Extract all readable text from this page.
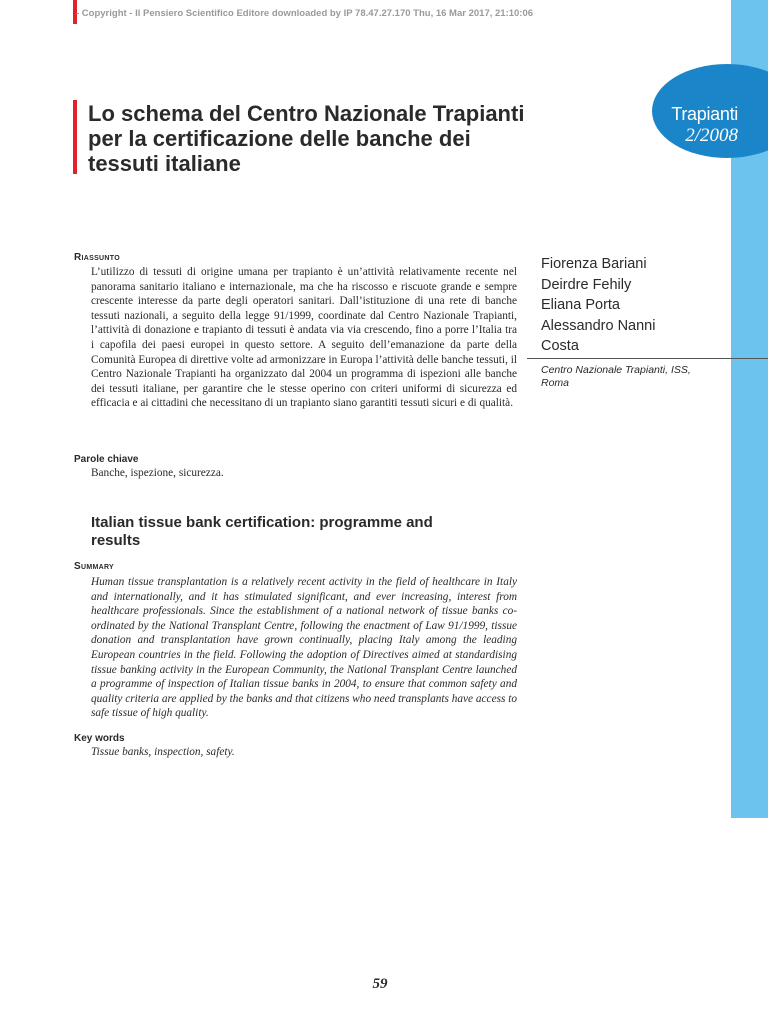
- Copyright - Il Pensiero Scientifico Editore downloaded by IP 78.47.27.170 Thu, 16 Mar 2017, 21:10:06
Trapianti
2/2008
Lo schema del Centro Nazionale Trapianti per la certificazione delle banche dei tessuti italiane
Riassunto

L’utilizzo di tessuti di origine umana per trapianto è un’attività relativamente recente nel panorama sanitario italiano e internazionale, ma che ha riscosso e riscuote grande e sempre crescente interesse da parte degli operatori sanitari. Dall’istituzione di una rete di banche tessuti nazionali, a seguito della legge 91/1999, coordinate dal Centro Nazionale Trapianti, l’attività di donazione e trapianto di tessuti è andata via via crescendo, fino a porre l’Italia tra i capofila dei paesi europei in questo settore. A seguito dell’emanazione da parte della Comunità Europea di direttive volte ad armonizzare in Europa l’attività delle banche tessuti, il Centro Nazionale Trapianti ha organizzato dal 2004 un programma di ispezioni alle banche dei tessuti italiane, per garantire che le stesse operino con criteri uniformi di sicurezza ed efficacia e ai cittadini che necessitano di un trapianto siano garantiti tessuti sicuri e di qualità.

Parole chiave
Banche, ispezione, sicurezza.
Italian tissue bank certification: programme and results
Summary

Human tissue transplantation is a relatively recent activity in the field of healthcare in Italy and internationally, and it has stimulated significant, and ever increasing, interest from healthcare professionals. Since the establishment of a national network of tissue banks co-ordinated by the National Transplant Centre, following the enactment of Law 91/1999, tissue donation and transplantation have grown continually, placing Italy among the leading European countries in the field. Following the adoption of Directives aimed at standardising tissue banking activity in the European Community, the National Transplant Centre launched a programme of inspection of Italian tissue banks in 2004, to ensure that common safety and quality criteria are applied by the banks and that citizens who need transplants have access to safe tissue of high quality.

Key words
Tissue banks, inspection, safety.
Fiorenza Bariani
Deirdre Fehily
Eliana Porta
Alessandro Nanni
Costa
Centro Nazionale Trapianti, ISS, Roma
59
